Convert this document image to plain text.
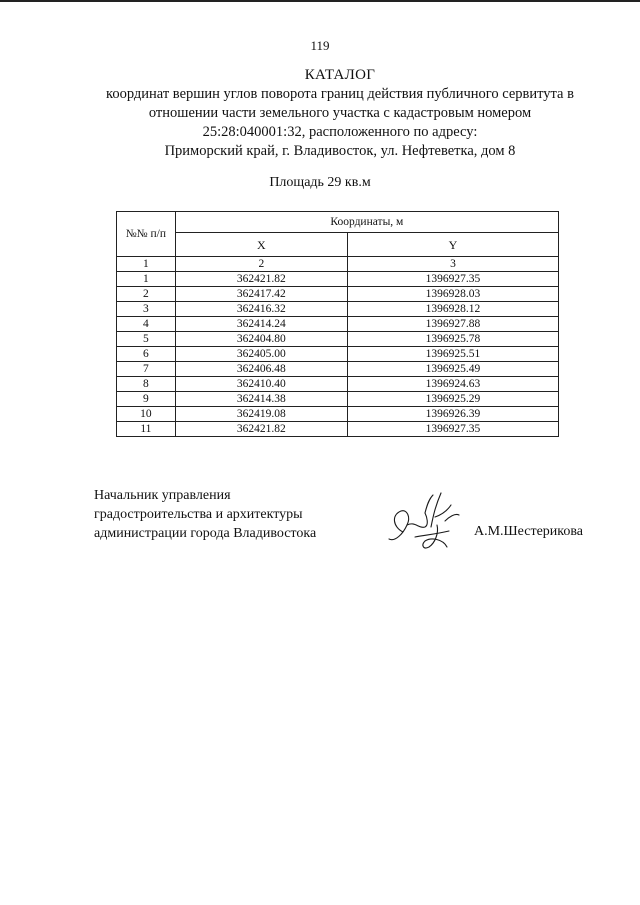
119
КАТАЛОГ
координат вершин углов поворота границ действия публичного сервитута в
отношении части земельного участка с кадастровым номером
25:28:040001:32, расположенного по адресу:
Приморский край, г. Владивосток, ул. Нефтеветка, дом 8
Площадь 29 кв.м
№№ п/п	Координаты, м	
	X	Y
1	2	3
1	362421.82	1396927.35
2	362417.42	1396928.03
3	362416.32	1396928.12
4	362414.24	1396927.88
5	362404.80	1396925.78
6	362405.00	1396925.51
7	362406.48	1396925.49
8	362410.40	1396924.63
9	362414.38	1396925.29
10	362419.08	1396926.39
11	362421.82	1396927.35
Начальник управления
градостроительства и архитектуры
администрации города Владивостока	А.М.Шестерикова
